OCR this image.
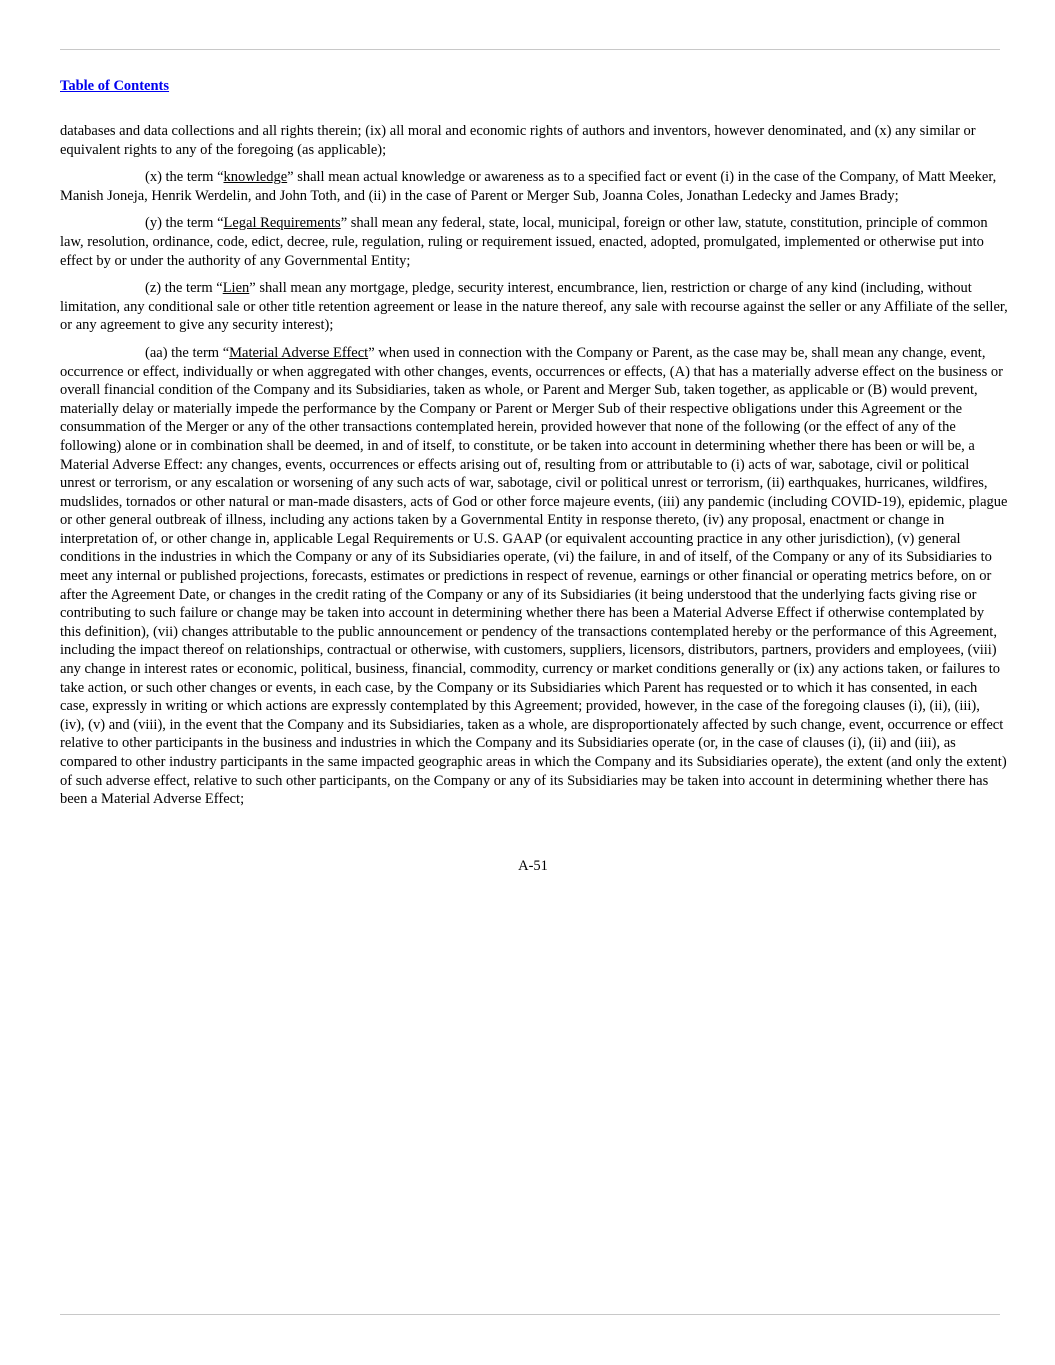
Table of Contents

databases and data collections and all rights therein; (ix) all moral and economic rights of authors and inventors, however denominated, and (x) any similar or equivalent rights to any of the foregoing (as applicable);

(x) the term “knowledge” shall mean actual knowledge or awareness as to a specified fact or event (i) in the case of the Company, of Matt Meeker, Manish Joneja, Henrik Werdelin, and John Toth, and (ii) in the case of Parent or Merger Sub, Joanna Coles, Jonathan Ledecky and James Brady;

(y) the term “Legal Requirements” shall mean any federal, state, local, municipal, foreign or other law, statute, constitution, principle of common law, resolution, ordinance, code, edict, decree, rule, regulation, ruling or requirement issued, enacted, adopted, promulgated, implemented or otherwise put into effect by or under the authority of any Governmental Entity;

(z) the term “Lien” shall mean any mortgage, pledge, security interest, encumbrance, lien, restriction or charge of any kind (including, without limitation, any conditional sale or other title retention agreement or lease in the nature thereof, any sale with recourse against the seller or any Affiliate of the seller, or any agreement to give any security interest);

(aa) the term “Material Adverse Effect” when used in connection with the Company or Parent, as the case may be, shall mean any change, event, occurrence or effect, individually or when aggregated with other changes, events, occurrences or effects, (A) that has a materially adverse effect on the business or overall financial condition of the Company and its Subsidiaries, taken as whole, or Parent and Merger Sub, taken together, as applicable or (B) would prevent, materially delay or materially impede the performance by the Company or Parent or Merger Sub of their respective obligations under this Agreement or the consummation of the Merger or any of the other transactions contemplated herein, provided however that none of the following (or the effect of any of the following) alone or in combination shall be deemed, in and of itself, to constitute, or be taken into account in determining whether there has been or will be, a Material Adverse Effect: any changes, events, occurrences or effects arising out of, resulting from or attributable to (i) acts of war, sabotage, civil or political unrest or terrorism, or any escalation or worsening of any such acts of war, sabotage, civil or political unrest or terrorism, (ii) earthquakes, hurricanes, wildfires, mudslides, tornados or other natural or man-made disasters, acts of God or other force majeure events, (iii) any pandemic (including COVID-19), epidemic, plague or other general outbreak of illness, including any actions taken by a Governmental Entity in response thereto, (iv) any proposal, enactment or change in interpretation of, or other change in, applicable Legal Requirements or U.S. GAAP (or equivalent accounting practice in any other jurisdiction), (v) general conditions in the industries in which the Company or any of its Subsidiaries operate, (vi) the failure, in and of itself, of the Company or any of its Subsidiaries to meet any internal or published projections, forecasts, estimates or predictions in respect of revenue, earnings or other financial or operating metrics before, on or after the Agreement Date, or changes in the credit rating of the Company or any of its Subsidiaries (it being understood that the underlying facts giving rise or contributing to such failure or change may be taken into account in determining whether there has been a Material Adverse Effect if otherwise contemplated by this definition), (vii) changes attributable to the public announcement or pendency of the transactions contemplated hereby or the performance of this Agreement, including the impact thereof on relationships, contractual or otherwise, with customers, suppliers, licensors, distributors, partners, providers and employees, (viii) any change in interest rates or economic, political, business, financial, commodity, currency or market conditions generally or (ix) any actions taken, or failures to take action, or such other changes or events, in each case, by the Company or its Subsidiaries which Parent has requested or to which it has consented, in each case, expressly in writing or which actions are expressly contemplated by this Agreement; provided, however, in the case of the foregoing clauses (i), (ii), (iii), (iv), (v) and (viii), in the event that the Company and its Subsidiaries, taken as a whole, are disproportionately affected by such change, event, occurrence or effect relative to other participants in the business and industries in which the Company and its Subsidiaries operate (or, in the case of clauses (i), (ii) and (iii), as compared to other industry participants in the same impacted geographic areas in which the Company and its Subsidiaries operate), the extent (and only the extent) of such adverse effect, relative to such other participants, on the Company or any of its Subsidiaries may be taken into account in determining whether there has been a Material Adverse Effect;

A-51
